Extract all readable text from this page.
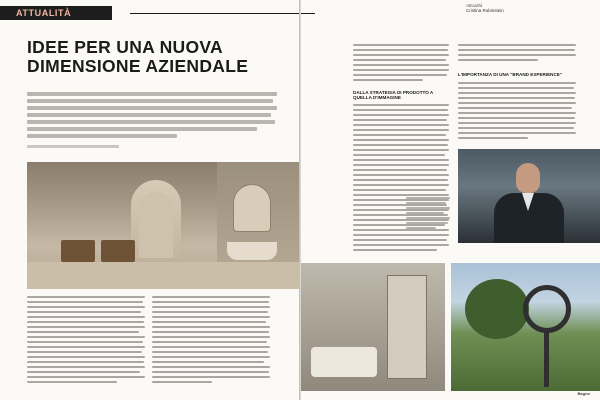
ATTUALITÀ
IDEE PER UNA NUOVA DIMENSIONE AZIENDALE
Attualità
Cristina Rubinstein
DALLA STRATEGIA DI PRODOTTO A QUELLA D'IMMAGINE
L'IMPORTANZA DI UNA "BRAND EXPERIENCE"
Bagno
